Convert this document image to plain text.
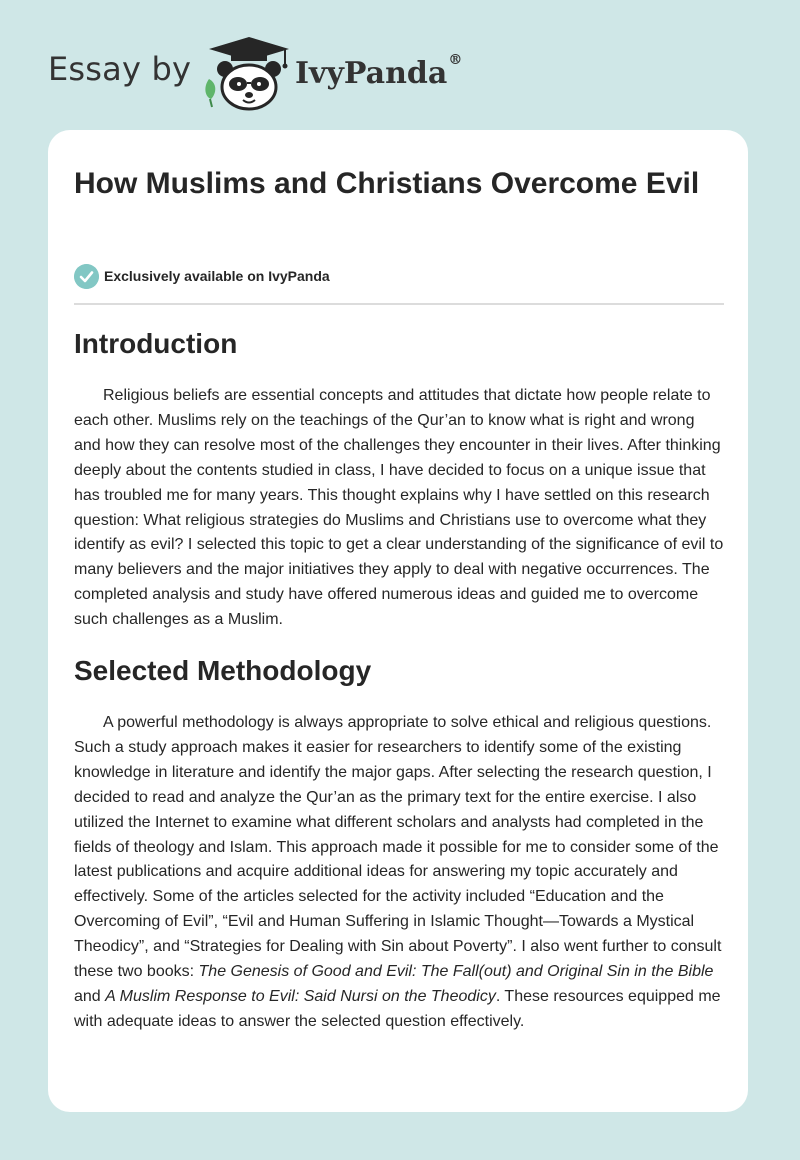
Essay by	IvyPanda®
How Muslims and Christians Overcome Evil
Exclusively available on IvyPanda
Introduction

Religious beliefs are essential concepts and attitudes that dictate how people relate to each other. Muslims rely on the teachings of the Qur’an to know what is right and wrong and how they can resolve most of the challenges they encounter in their lives. After thinking deeply about the contents studied in class, I have decided to focus on a unique issue that has troubled me for many years. This thought explains why I have settled on this research question: What religious strategies do Muslims and Christians use to overcome what they identify as evil? I selected this topic to get a clear understanding of the significance of evil to many believers and the major initiatives they apply to deal with negative occurrences. The completed analysis and study have offered numerous ideas and guided me to overcome such challenges as a Muslim.

Selected Methodology

A powerful methodology is always appropriate to solve ethical and religious questions. Such a study approach makes it easier for researchers to identify some of the existing knowledge in literature and identify the major gaps. After selecting the research question, I decided to read and analyze the Qur’an as the primary text for the entire exercise. I also utilized the Internet to examine what different scholars and analysts had completed in the fields of theology and Islam. This approach made it possible for me to consider some of the latest publications and acquire additional ideas for answering my topic accurately and effectively. Some of the articles selected for the activity included “Education and the Overcoming of Evil”, “Evil and Human Suffering in Islamic Thought—Towards a Mystical Theodicy”, and “Strategies for Dealing with Sin about Poverty”. I also went further to consult these two books: The Genesis of Good and Evil: The Fall(out) and Original Sin in the Bible and A Muslim Response to Evil: Said Nursi on the Theodicy. These resources equipped me with adequate ideas to answer the selected question effectively.
